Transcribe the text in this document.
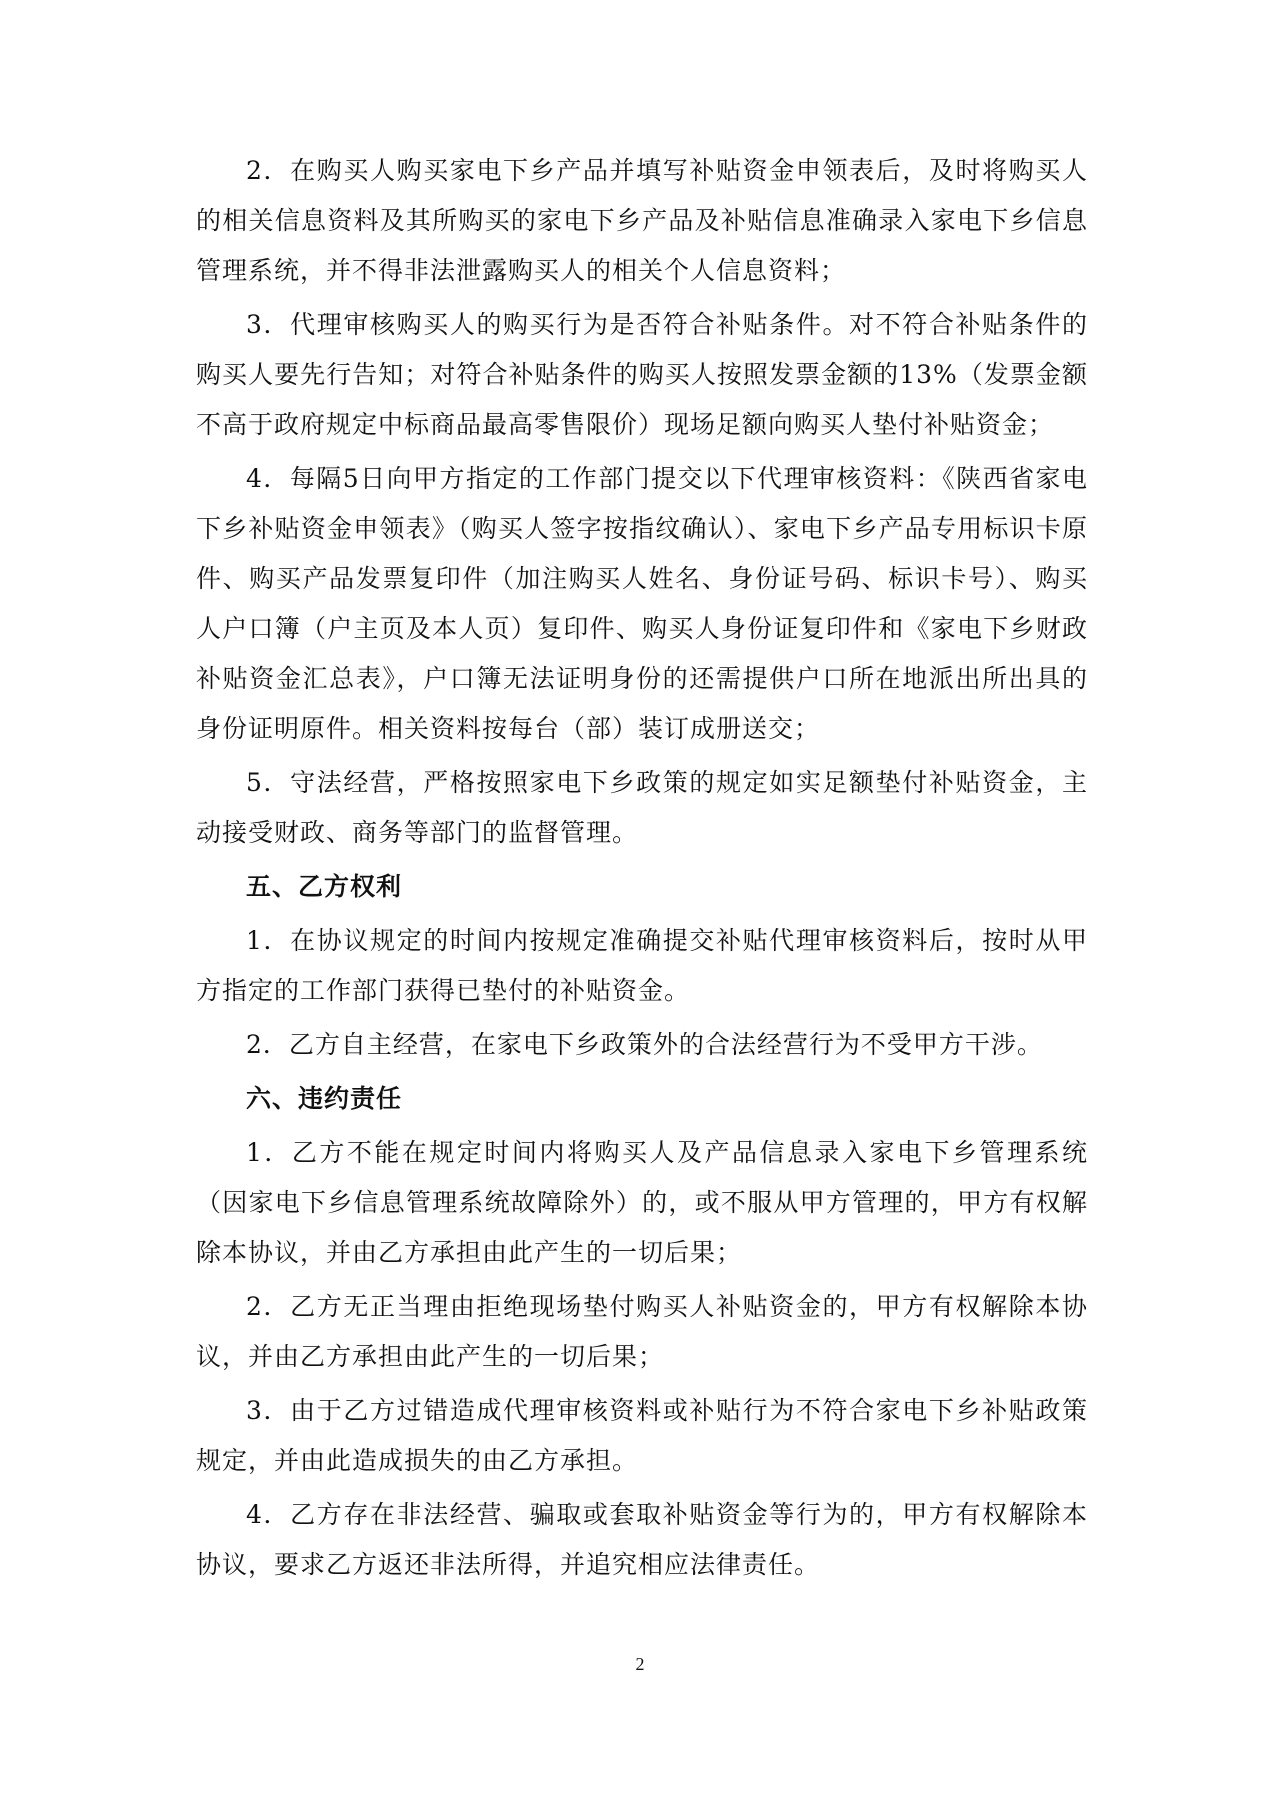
2．在购买人购买家电下乡产品并填写补贴资金申领表后，及时将购买人的相关信息资料及其所购买的家电下乡产品及补贴信息准确录入家电下乡信息管理系统，并不得非法泄露购买人的相关个人信息资料；

3．代理审核购买人的购买行为是否符合补贴条件。对不符合补贴条件的购买人要先行告知；对符合补贴条件的购买人按照发票金额的13%（发票金额不高于政府规定中标商品最高零售限价）现场足额向购买人垫付补贴资金；

4．每隔5日向甲方指定的工作部门提交以下代理审核资料：《陕西省家电下乡补贴资金申领表》（购买人签字按指纹确认）、家电下乡产品专用标识卡原件、购买产品发票复印件（加注购买人姓名、身份证号码、标识卡号）、购买人户口簿（户主页及本人页）复印件、购买人身份证复印件和《家电下乡财政补贴资金汇总表》，户口簿无法证明身份的还需提供户口所在地派出所出具的身份证明原件。相关资料按每台（部）装订成册送交；

5．守法经营，严格按照家电下乡政策的规定如实足额垫付补贴资金，主动接受财政、商务等部门的监督管理。

五、乙方权利

1．在协议规定的时间内按规定准确提交补贴代理审核资料后，按时从甲方指定的工作部门获得已垫付的补贴资金。

2．乙方自主经营，在家电下乡政策外的合法经营行为不受甲方干涉。

六、违约责任

1．乙方不能在规定时间内将购买人及产品信息录入家电下乡管理系统（因家电下乡信息管理系统故障除外）的，或不服从甲方管理的，甲方有权解除本协议，并由乙方承担由此产生的一切后果；

2．乙方无正当理由拒绝现场垫付购买人补贴资金的，甲方有权解除本协议，并由乙方承担由此产生的一切后果；

3．由于乙方过错造成代理审核资料或补贴行为不符合家电下乡补贴政策规定，并由此造成损失的由乙方承担。

4．乙方存在非法经营、骗取或套取补贴资金等行为的，甲方有权解除本协议，要求乙方返还非法所得，并追究相应法律责任。

2
